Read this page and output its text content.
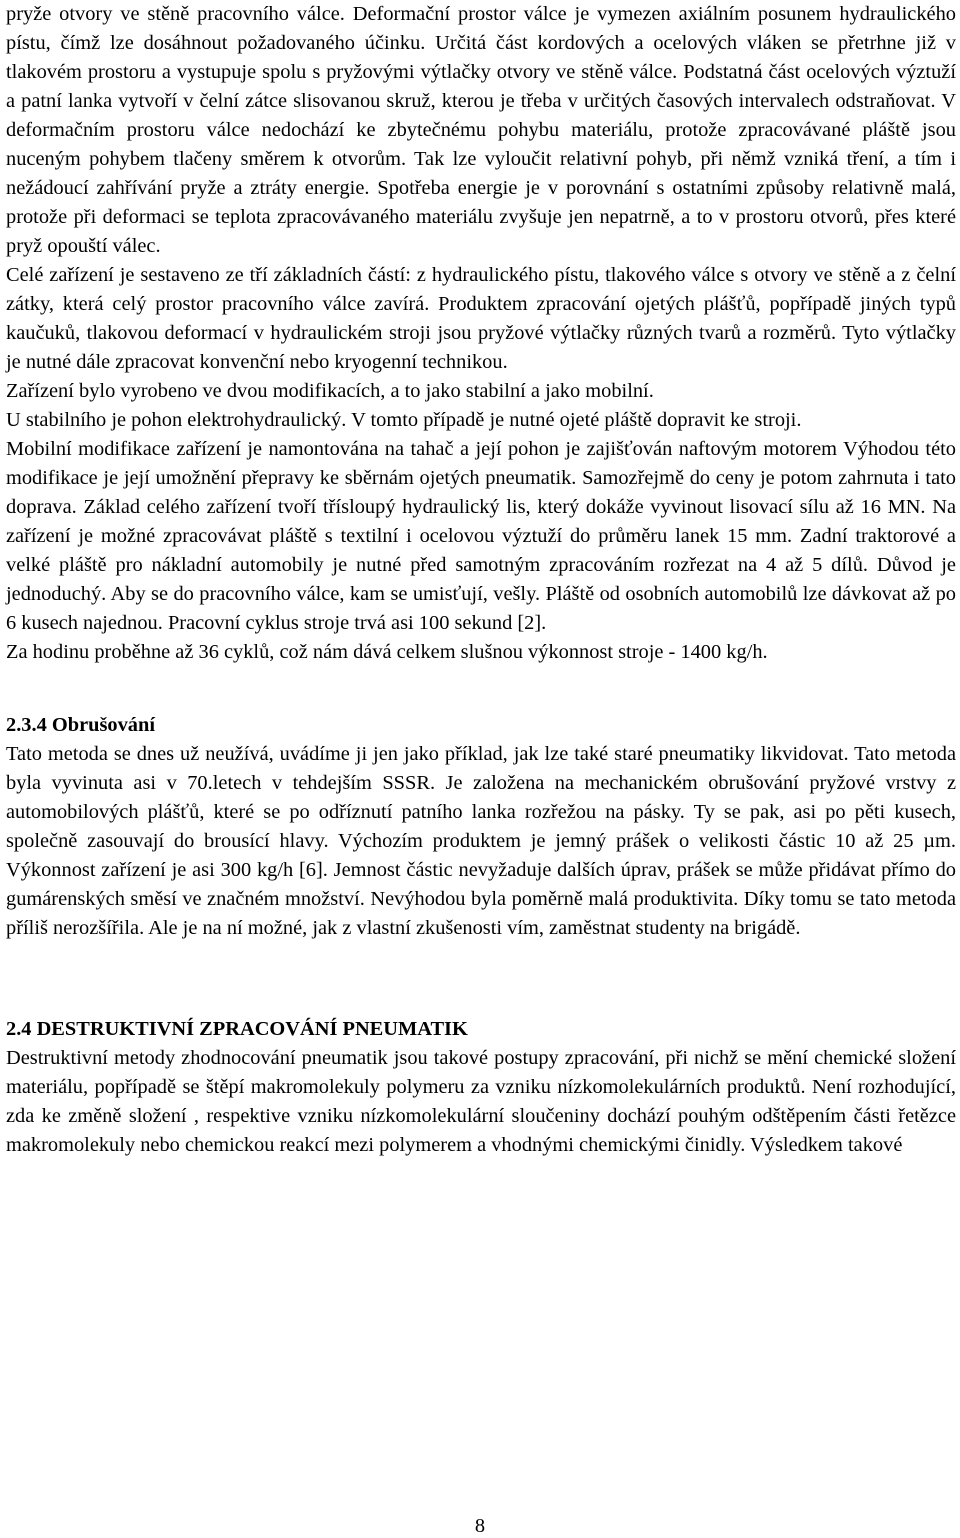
pryže otvory ve stěně pracovního válce. Deformační prostor válce je vymezen axiálním posunem hydraulického pístu, čímž lze dosáhnout požadovaného účinku. Určitá část kordových a ocelových vláken se přetrhne již v tlakovém prostoru a vystupuje spolu s pryžovými výtlačky otvory ve stěně válce. Podstatná část ocelových výztuží a patní lanka vytvoří v čelní zátce slisovanou skruž, kterou je třeba v určitých časových intervalech odstraňovat. V deformačním prostoru válce nedochází ke zbytečnému pohybu materiálu, protože zpracovávané pláště jsou nuceným pohybem tlačeny směrem k otvorům. Tak lze vyloučit relativní pohyb, při němž vzniká tření, a tím i nežádoucí zahřívání pryže a ztráty energie. Spotřeba energie je v porovnání s ostatními způsoby relativně malá, protože při deformaci se teplota zpracovávaného materiálu zvyšuje jen nepatrně, a to v prostoru otvorů, přes které pryž opouští válec.

Celé zařízení je sestaveno ze tří základních částí: z hydraulického pístu, tlakového válce s otvory ve stěně a z čelní zátky, která celý prostor pracovního válce zavírá. Produktem zpracování ojetých plášťů, popřípadě jiných typů kaučuků, tlakovou deformací v hydraulickém stroji jsou pryžové výtlačky různých tvarů a rozměrů. Tyto výtlačky je nutné dále zpracovat konvenční nebo kryogenní technikou.

Zařízení bylo vyrobeno ve dvou modifikacích, a to jako stabilní a jako mobilní.

U stabilního je pohon elektrohydraulický. V tomto případě je nutné ojeté pláště dopravit ke stroji.

Mobilní modifikace zařízení je namontována na tahač a její pohon je zajišťován naftovým motorem Výhodou této modifikace je její umožnění přepravy ke sběrnám ojetých pneumatik. Samozřejmě do ceny je potom zahrnuta i tato doprava. Základ celého zařízení tvoří třísloupý hydraulický lis, který dokáže vyvinout lisovací sílu až 16 MN. Na zařízení je možné zpracovávat pláště s textilní i ocelovou výztuží do průměru lanek 15 mm. Zadní traktorové a velké pláště pro nákladní automobily je nutné před samotným zpracováním rozřezat na 4 až 5 dílů. Důvod je jednoduchý. Aby se do pracovního válce, kam se umisťují, vešly. Pláště od osobních automobilů lze dávkovat až po 6 kusech najednou. Pracovní cyklus stroje trvá asi 100 sekund [2].

Za hodinu proběhne až 36 cyklů, což nám dává celkem slušnou výkonnost stroje - 1400 kg/h.

2.3.4 Obrušování

Tato metoda se dnes už neužívá, uvádíme ji jen jako příklad, jak lze také staré pneumatiky likvidovat. Tato metoda byla vyvinuta asi v 70.letech v tehdejším SSSR. Je založena na mechanickém obrušování pryžové vrstvy z automobilových plášťů, které se po odříznutí patního lanka rozřežou na pásky. Ty se pak, asi po pěti kusech, společně zasouvají do brousící hlavy. Výchozím produktem je jemný prášek o velikosti částic 10 až 25 µm. Výkonnost zařízení je asi 300 kg/h [6]. Jemnost částic nevyžaduje dalších úprav, prášek se může přidávat přímo do gumárenských směsí ve značném množství. Nevýhodou byla poměrně malá produktivita. Díky tomu se tato metoda příliš nerozšířila. Ale je na ní možné, jak z vlastní zkušenosti vím, zaměstnat studenty na brigádě.

2.4 DESTRUKTIVNÍ ZPRACOVÁNÍ PNEUMATIK

Destruktivní metody zhodnocování pneumatik jsou takové postupy zpracování, při nichž se mění chemické složení materiálu, popřípadě se štěpí makromolekuly polymeru za vzniku nízkomolekulárních produktů. Není rozhodující, zda ke změně složení , respektive vzniku nízkomolekulární sloučeniny dochází pouhým odštěpením části řetězce makromolekuly nebo chemickou reakcí mezi polymerem a vhodnými chemickými činidly. Výsledkem takové

8
